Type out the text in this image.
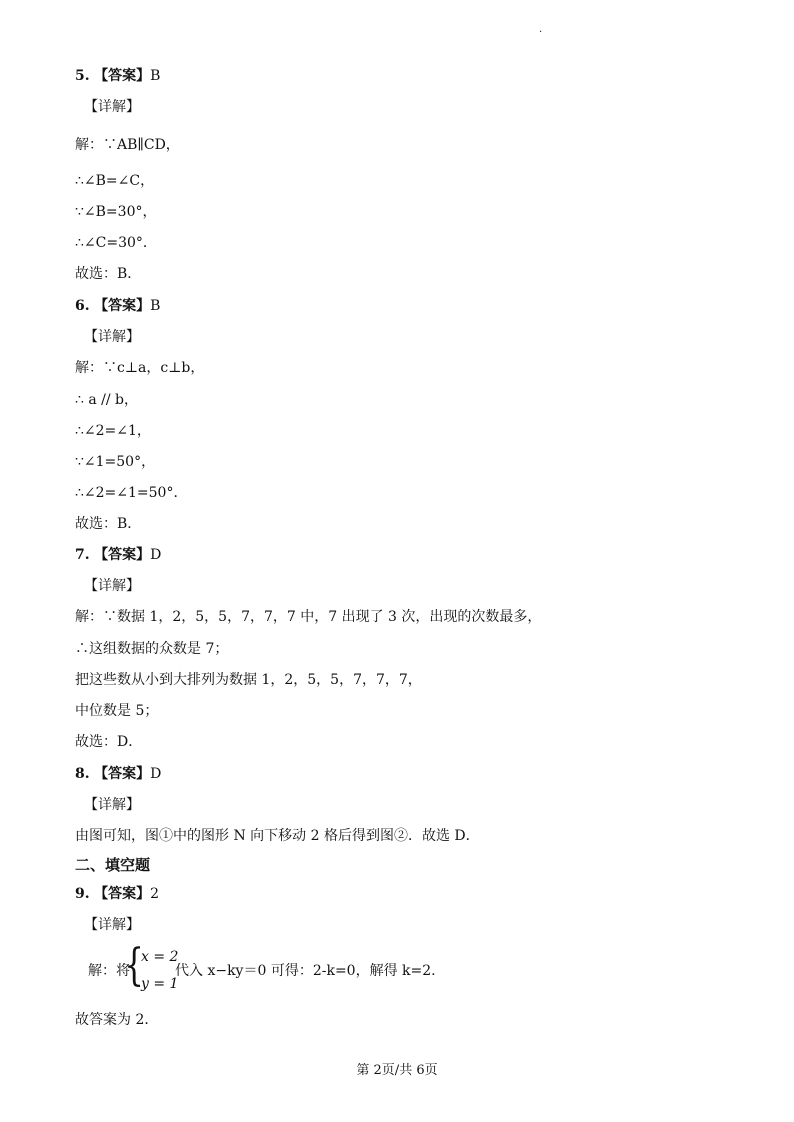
.
5. 【答案】B
【详解】
解：∵AB∥CD，
∴∠B=∠C，
∵∠B=30°，
∴∠C=30°．
故选：B．
6. 【答案】B
【详解】
解：∵c⊥a，c⊥b，
∴ a // b，
∴∠2=∠1，
∵∠1=50°，
∴∠2=∠1=50°．
故选：B．
7. 【答案】D
【详解】
解：∵数据 1，2，5，5，7，7，7 中，7 出现了 3 次，出现的次数最多，
∴这组数据的众数是 7；
把这些数从小到大排列为数据 1，2，5，5，7，7，7，
中位数是 5；
故选：D．
8. 【答案】D
【详解】
由图可知，图①中的图形 N 向下移动 2 格后得到图②．故选 D．
二、填空题
9. 【答案】2
【详解】
解：将
{
x = 2
y = 1
代入 x−ky＝0 可得：2-k=0，解得 k=2.
故答案为 2．
第 2页/共 6页
